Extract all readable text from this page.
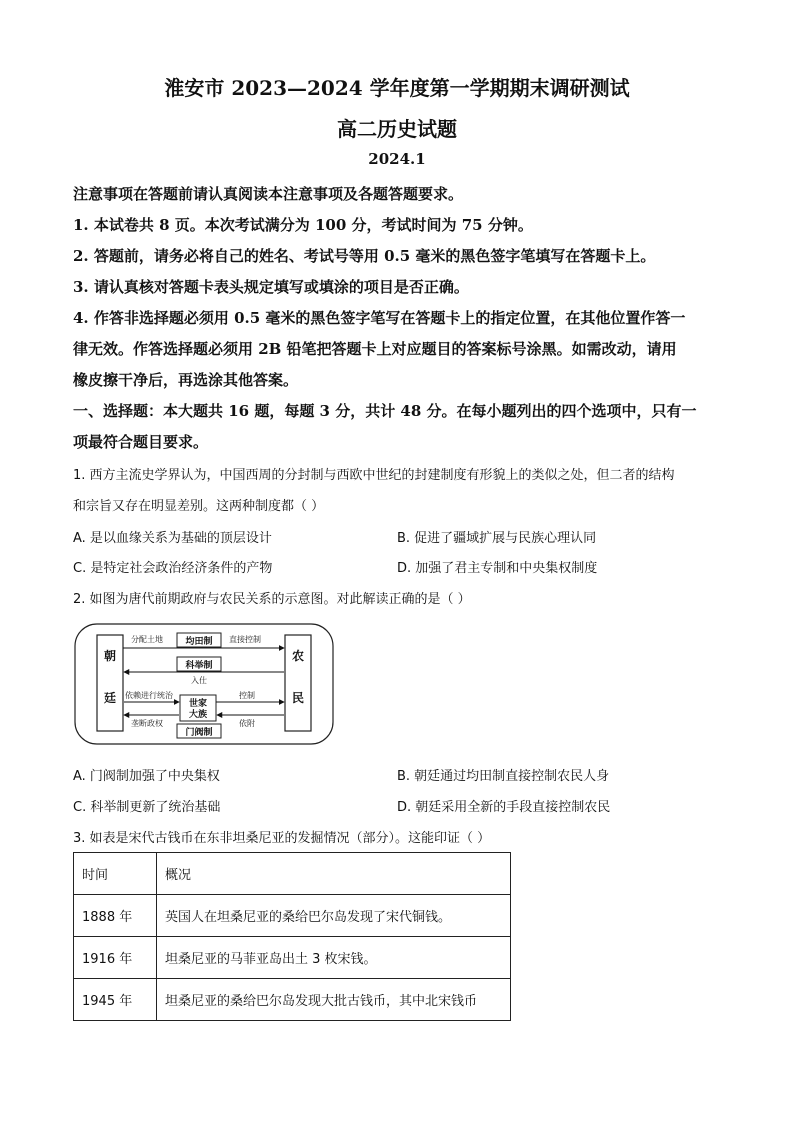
淮安市 2023—2024 学年度第一学期期末调研测试
高二历史试题
2024.1
注意事项在答题前请认真阅读本注意事项及各题答题要求。
1. 本试卷共 8 页。本次考试满分为 100 分，考试时间为 75 分钟。
2. 答题前，请务必将自己的姓名、考试号等用 0.5 毫米的黑色签字笔填写在答题卡上。
3. 请认真核对答题卡表头规定填写或填涂的项目是否正确。
4. 作答非选择题必须用 0.5 毫米的黑色签字笔写在答题卡上的指定位置，在其他位置作答一
律无效。作答选择题必须用 2B 铅笔把答题卡上对应题目的答案标号涂黑。如需改动，请用
橡皮擦干净后，再选涂其他答案。
一、选择题：本大题共 16 题，每题 3 分，共计 48 分。在每小题列出的四个选项中，只有一
项最符合题目要求。
1. 西方主流史学界认为，中国西周的分封制与西欧中世纪的封建制度有形貌上的类似之处，但二者的结构
和宗旨又存在明显差别。这两种制度都（ ）
A. 是以血缘关系为基础的顶层设计	B. 促进了疆域扩展与民族心理认同
C. 是特定社会政治经济条件的产物	D. 加强了君主专制和中央集权制度
2. 如图为唐代前期政府与农民关系的示意图。对此解读正确的是（ ）
朝
廷
农
民
均田制
分配土地	直接控制
科举制
入仕
世家
大族
依赖进行统治
垄断政权
控制
依附
门阀制
A. 门阀制加强了中央集权	B. 朝廷通过均田制直接控制农民人身
C. 科举制更新了统治基础	D. 朝廷采用全新的手段直接控制农民
3. 如表是宋代古钱币在东非坦桑尼亚的发掘情况（部分）。这能印证（ ）
时间	概况
1888 年	英国人在坦桑尼亚的桑给巴尔岛发现了宋代铜钱。
1916 年	坦桑尼亚的马菲亚岛出土 3 枚宋钱。
1945 年	坦桑尼亚的桑给巴尔岛发现大批古钱币，其中北宋钱币
